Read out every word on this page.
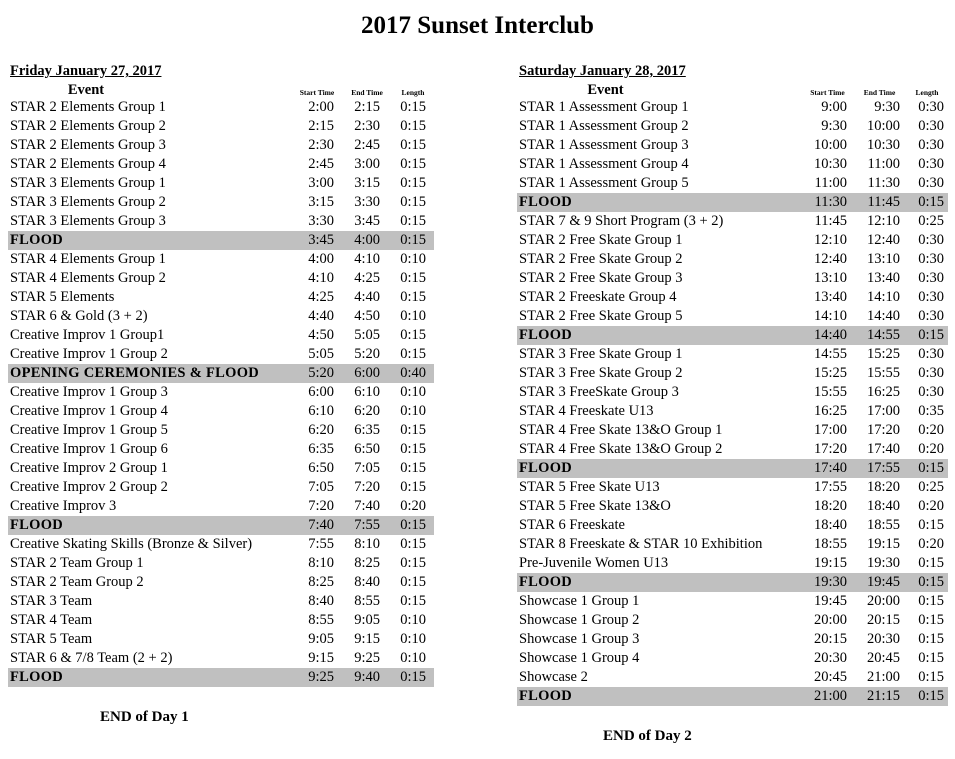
2017 Sunset Interclub
Friday January 27, 2017
Event	Start Time	End Time	Length
STAR 2 Elements Group 1	2:00	2:15	0:15
STAR 2 Elements Group 2	2:15	2:30	0:15
STAR 2 Elements Group 3	2:30	2:45	0:15
STAR 2 Elements Group 4	2:45	3:00	0:15
STAR 3 Elements Group 1	3:00	3:15	0:15
STAR 3 Elements Group 2	3:15	3:30	0:15
STAR 3 Elements Group 3	3:30	3:45	0:15
FLOOD	3:45	4:00	0:15
STAR 4 Elements Group 1	4:00	4:10	0:10
STAR 4 Elements Group 2	4:10	4:25	0:15
STAR 5 Elements	4:25	4:40	0:15
STAR 6 & Gold (3 + 2)	4:40	4:50	0:10
Creative Improv 1 Group1	4:50	5:05	0:15
Creative Improv 1 Group 2	5:05	5:20	0:15
OPENING CEREMONIES & FLOOD	5:20	6:00	0:40
Creative Improv 1 Group 3	6:00	6:10	0:10
Creative Improv 1 Group 4	6:10	6:20	0:10
Creative Improv 1 Group 5	6:20	6:35	0:15
Creative Improv 1 Group 6	6:35	6:50	0:15
Creative Improv 2 Group 1	6:50	7:05	0:15
Creative Improv 2 Group 2	7:05	7:20	0:15
Creative Improv 3	7:20	7:40	0:20
FLOOD	7:40	7:55	0:15
Creative Skating Skills (Bronze & Silver)	7:55	8:10	0:15
STAR 2 Team Group 1	8:10	8:25	0:15
STAR 2 Team Group 2	8:25	8:40	0:15
STAR 3 Team	8:40	8:55	0:15
STAR 4 Team	8:55	9:05	0:10
STAR 5 Team	9:05	9:15	0:10
STAR 6 & 7/8 Team (2 + 2)	9:15	9:25	0:10
FLOOD	9:25	9:40	0:15
Saturday January 28, 2017
Event	Start Time	End Time	Length
STAR 1 Assessment Group 1	9:00	9:30	0:30
STAR 1 Assessment Group 2	9:30	10:00	0:30
STAR 1 Assessment Group 3	10:00	10:30	0:30
STAR 1 Assessment Group 4	10:30	11:00	0:30
STAR 1 Assessment Group 5	11:00	11:30	0:30
FLOOD	11:30	11:45	0:15
STAR 7 & 9 Short Program (3 + 2)	11:45	12:10	0:25
STAR 2 Free Skate Group 1	12:10	12:40	0:30
STAR 2 Free Skate Group 2	12:40	13:10	0:30
STAR 2 Free Skate Group 3	13:10	13:40	0:30
STAR 2 Freeskate Group 4	13:40	14:10	0:30
STAR 2 Free Skate Group 5	14:10	14:40	0:30
FLOOD	14:40	14:55	0:15
STAR 3 Free Skate Group 1	14:55	15:25	0:30
STAR 3 Free Skate Group 2	15:25	15:55	0:30
STAR 3 FreeSkate Group 3	15:55	16:25	0:30
STAR 4 Freeskate U13	16:25	17:00	0:35
STAR 4 Free Skate 13&O Group 1	17:00	17:20	0:20
STAR 4 Free Skate 13&O Group 2	17:20	17:40	0:20
FLOOD	17:40	17:55	0:15
STAR 5 Free Skate U13	17:55	18:20	0:25
STAR 5 Free Skate 13&O	18:20	18:40	0:20
STAR 6 Freeskate	18:40	18:55	0:15
STAR 8 Freeskate & STAR 10 Exhibition	18:55	19:15	0:20
Pre-Juvenile Women U13	19:15	19:30	0:15
FLOOD	19:30	19:45	0:15
Showcase 1 Group 1	19:45	20:00	0:15
Showcase 1 Group 2	20:00	20:15	0:15
Showcase 1 Group 3	20:15	20:30	0:15
Showcase 1 Group 4	20:30	20:45	0:15
Showcase 2	20:45	21:00	0:15
FLOOD	21:00	21:15	0:15
END of Day 1
END of Day 2
